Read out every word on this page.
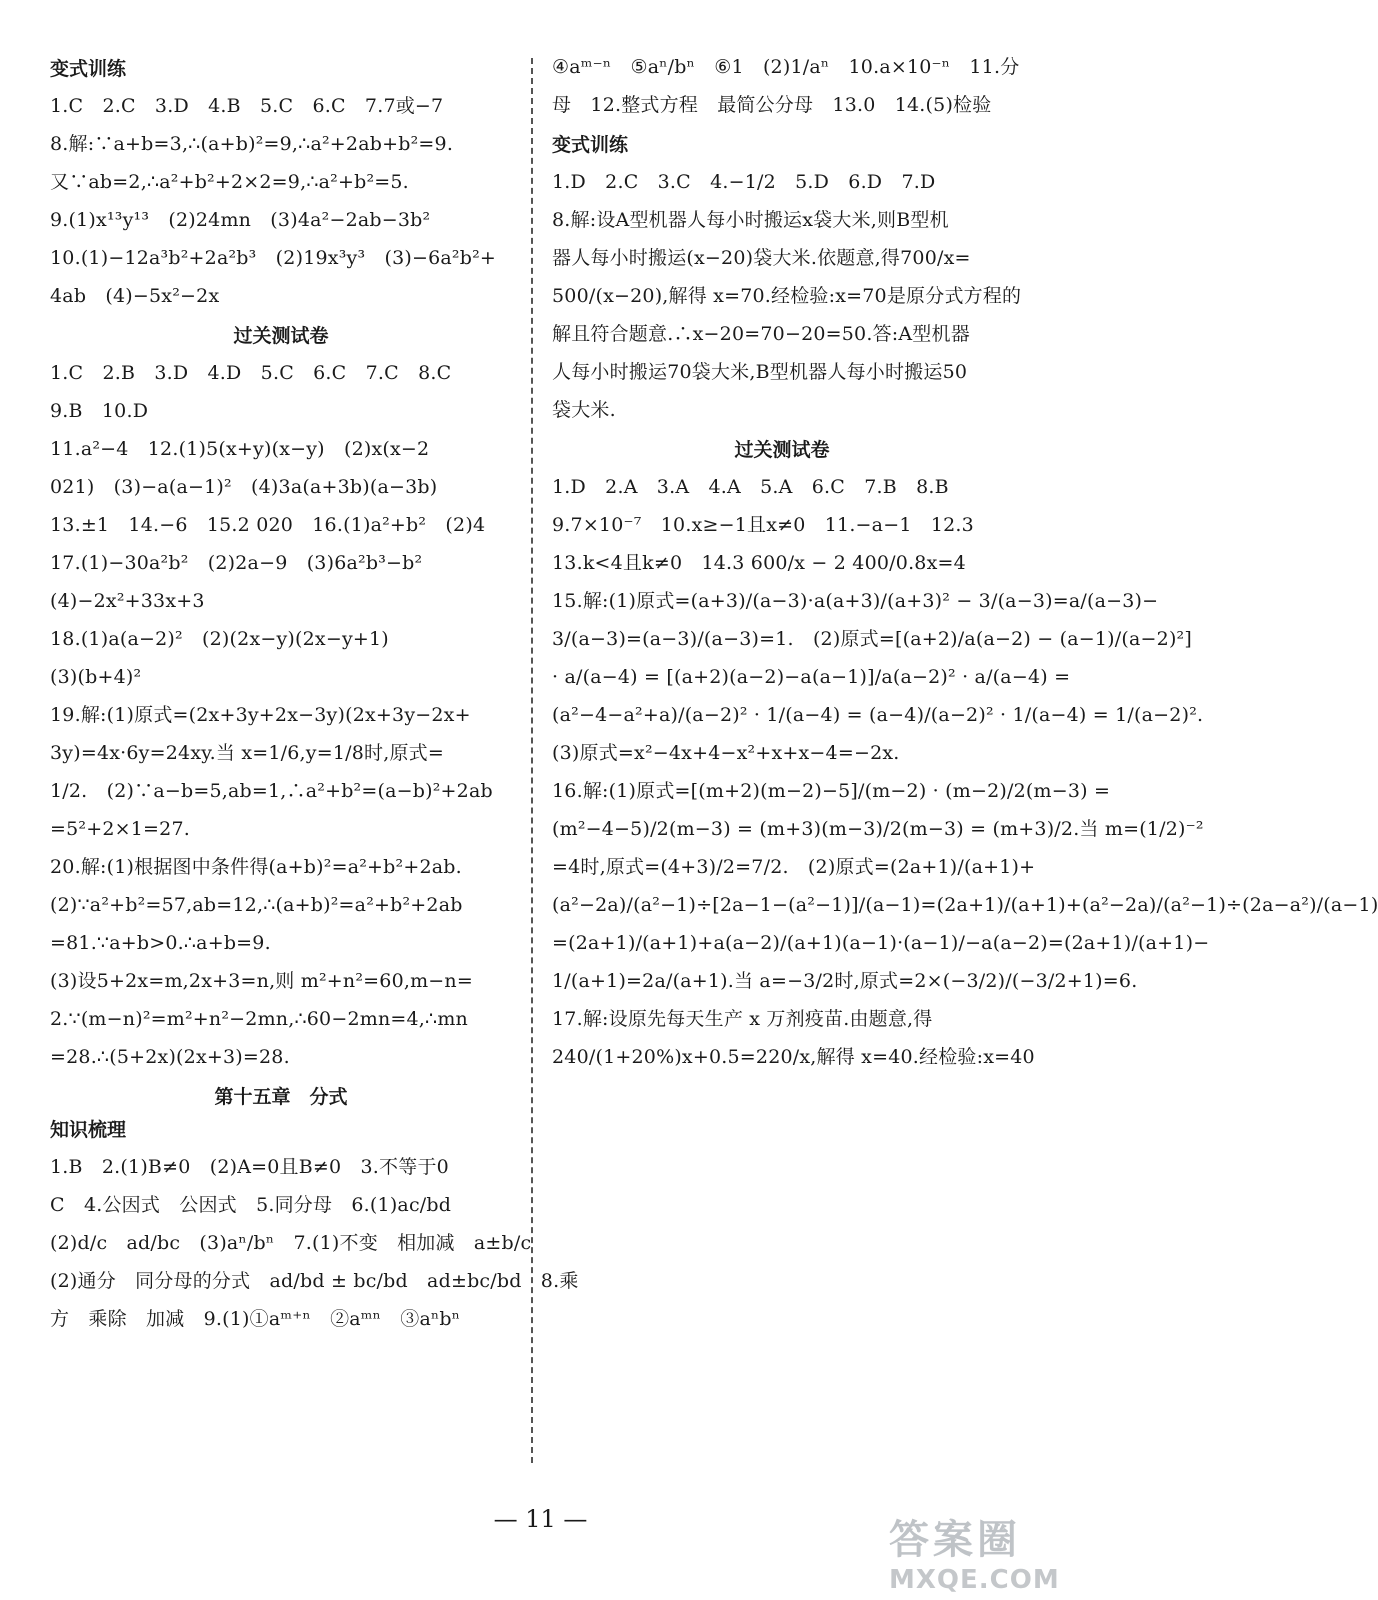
变式训练
1.C　2.C　3.D　4.B　5.C　6.C　7.7或−7
8.解:∵a+b=3,∴(a+b)²=9,∴a²+2ab+b²=9.
又∵ab=2,∴a²+b²+2×2=9,∴a²+b²=5.
9.(1)x¹³y¹³　(2)24mn　(3)4a²−2ab−3b²
10.(1)−12a³b²+2a²b³　(2)19x³y³　(3)−6a²b²+
4ab　(4)−5x²−2x
过关测试卷
1.C　2.B　3.D　4.D　5.C　6.C　7.C　8.C
9.B　10.D
11.a²−4　12.(1)5(x+y)(x−y)　(2)x(x−2
021)　(3)−a(a−1)²　(4)3a(a+3b)(a−3b)
13.±1　14.−6　15.2 020　16.(1)a²+b²　(2)4
17.(1)−30a²b²　(2)2a−9　(3)6a²b³−b²
(4)−2x²+33x+3
18.(1)a(a−2)²　(2)(2x−y)(2x−y+1)
(3)(b+4)²
19.解:(1)原式=(2x+3y+2x−3y)(2x+3y−2x+
3y)=4x·6y=24xy.当 x=1/6,y=1/8时,原式=
1/2.　(2)∵a−b=5,ab=1,∴a²+b²=(a−b)²+2ab
=5²+2×1=27.
20.解:(1)根据图中条件得(a+b)²=a²+b²+2ab.
(2)∵a²+b²=57,ab=12,∴(a+b)²=a²+b²+2ab
=81.∵a+b>0.∴a+b=9.
(3)设5+2x=m,2x+3=n,则 m²+n²=60,m−n=
2.∵(m−n)²=m²+n²−2mn,∴60−2mn=4,∴mn
=28.∴(5+2x)(2x+3)=28.
第十五章　分式
知识梳理
1.B　2.(1)B≠0　(2)A=0且B≠0　3.不等于0
C　4.公因式　公因式　5.同分母　6.(1)ac/bd
(2)d/c　ad/bc　(3)aⁿ/bⁿ　7.(1)不变　相加减　a±b/c
(2)通分　同分母的分式　ad/bd ± bc/bd　ad±bc/bd　8.乘
方　乘除　加减　9.(1)①aᵐ⁺ⁿ　②aᵐⁿ　③aⁿbⁿ
④aᵐ⁻ⁿ　⑤aⁿ/bⁿ　⑥1　(2)1/aⁿ　10.a×10⁻ⁿ　11.分
母　12.整式方程　最简公分母　13.0　14.(5)检验
变式训练
1.D　2.C　3.C　4.−1/2　5.D　6.D　7.D
8.解:设A型机器人每小时搬运x袋大米,则B型机
器人每小时搬运(x−20)袋大米.依题意,得700/x=
500/(x−20),解得 x=70.经检验:x=70是原分式方程的
解且符合题意.∴x−20=70−20=50.答:A型机器
人每小时搬运70袋大米,B型机器人每小时搬运50
袋大米.
过关测试卷
1.D　2.A　3.A　4.A　5.A　6.C　7.B　8.B
9.7×10⁻⁷　10.x≥−1且x≠0　11.−a−1　12.3
13.k<4且k≠0　14.3 600/x − 2 400/0.8x=4
15.解:(1)原式=(a+3)/(a−3)·a(a+3)/(a+3)² − 3/(a−3)=a/(a−3)−
3/(a−3)=(a−3)/(a−3)=1.　(2)原式=[(a+2)/a(a−2) − (a−1)/(a−2)²]
· a/(a−4) = [(a+2)(a−2)−a(a−1)]/a(a−2)² · a/(a−4) =
(a²−4−a²+a)/(a−2)² · 1/(a−4) = (a−4)/(a−2)² · 1/(a−4) = 1/(a−2)².
(3)原式=x²−4x+4−x²+x+x−4=−2x.
16.解:(1)原式=[(m+2)(m−2)−5]/(m−2) · (m−2)/2(m−3) =
(m²−4−5)/2(m−3) = (m+3)(m−3)/2(m−3) = (m+3)/2.当 m=(1/2)⁻²
=4时,原式=(4+3)/2=7/2.　(2)原式=(2a+1)/(a+1)+
(a²−2a)/(a²−1)÷[2a−1−(a²−1)]/(a−1)=(2a+1)/(a+1)+(a²−2a)/(a²−1)÷(2a−a²)/(a−1)
=(2a+1)/(a+1)+a(a−2)/(a+1)(a−1)·(a−1)/−a(a−2)=(2a+1)/(a+1)−
1/(a+1)=2a/(a+1).当 a=−3/2时,原式=2×(−3/2)/(−3/2+1)=6.
17.解:设原先每天生产 x 万剂疫苗.由题意,得
240/(1+20%)x+0.5=220/x,解得 x=40.经检验:x=40
— 11 —	答案圈
MXQE.COM
